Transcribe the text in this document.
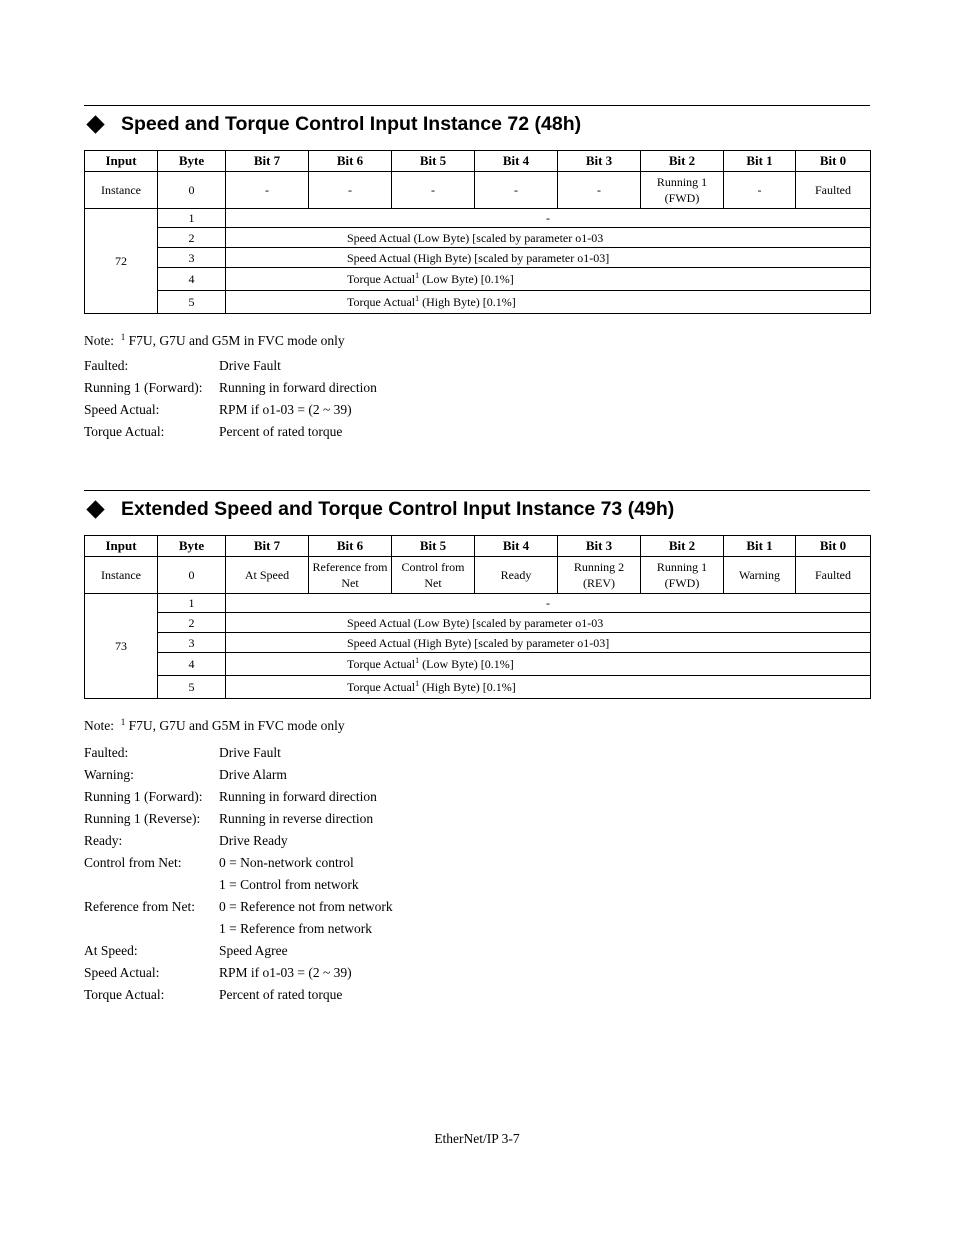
Speed and Torque Control Input Instance 72 (48h)
Input	Byte	Bit 7	Bit 6	Bit 5	Bit 4	Bit 3	Bit 2	Bit 1	Bit 0
Instance	0	-	-	-	-	-	Running 1 (FWD)	-	Faulted
72	1	-							
	2	Speed Actual (Low Byte) [scaled by parameter o1-03							
	3	Speed Actual (High Byte) [scaled by parameter o1-03]							
	4	Torque Actual$^1$ (Low Byte) [0.1%]							
	5	Torque Actual$^1$ (High Byte) [0.1%]							
Note: $^1$ F7U, G7U and G5M in FVC mode only
Faulted:	Drive Fault
Running 1 (Forward):	Running in forward direction
Speed Actual:	RPM if o1-03 = (2 ~ 39)
Torque Actual:	Percent of rated torque
Extended Speed and Torque Control Input Instance 73 (49h)
Input	Byte	Bit 7	Bit 6	Bit 5	Bit 4	Bit 3	Bit 2	Bit 1	Bit 0
Instance	0	At Speed	Reference from Net	Control from Net	Ready	Running 2 (REV)	Running 1 (FWD)	Warning	Faulted
73	1	-							
	2	Speed Actual (Low Byte) [scaled by parameter o1-03							
	3	Speed Actual (High Byte) [scaled by parameter o1-03]							
	4	Torque Actual$^1$ (Low Byte) [0.1%]							
	5	Torque Actual$^1$ (High Byte) [0.1%]							
Note: $^1$ F7U, G7U and G5M in FVC mode only
Faulted:	Drive Fault
Warning:	Drive Alarm
Running 1 (Forward):	Running in forward direction
Running 1 (Reverse):	Running in reverse direction
Ready:	Drive Ready
Control from Net:	0 = Non-network control
1 = Control from network
Reference from Net:	0 = Reference not from network
1 = Reference from network
At Speed:	Speed Agree
Speed Actual:	RPM if o1-03 = (2 ~ 39)
Torque Actual:	Percent of rated torque
EtherNet/IP 3-7
